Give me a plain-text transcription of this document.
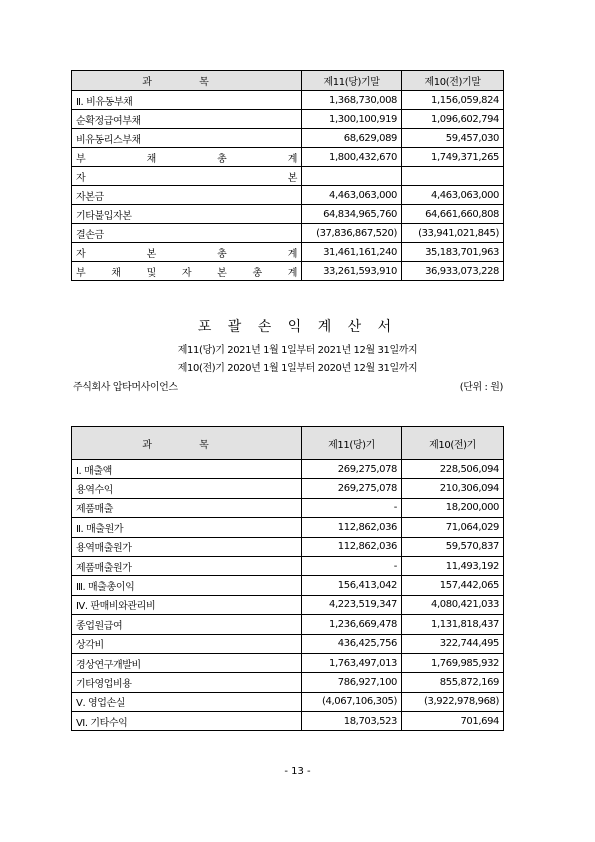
과 목	제11(당)기말	제10(전)기말
Ⅱ. 비유동부채	1,368,730,008	1,156,059,824
순확정급여부채	1,300,100,919	1,096,602,794
비유동리스부채	68,629,089	59,457,030
부 채 총 계	1,800,432,670	1,749,371,265
자 본		
자본금	4,463,063,000	4,463,063,000
기타불입자본	64,834,965,760	64,661,660,808
결손금	(37,836,867,520)	(33,941,021,845)
자 본 총 계	31,461,161,240	35,183,701,963
부 채 및 자 본 총 계	33,261,593,910	36,933,073,228
포 괄 손 익 계 산 서
제11(당)기 2021년 1월 1일부터 2021년 12월 31일까지
제10(전)기 2020년 1월 1일부터 2020년 12월 31일까지
주식회사 압타머사이언스	(단위 : 원)
과 목	제11(당)기	제10(전)기
Ⅰ. 매출액	269,275,078	228,506,094
용역수익	269,275,078	210,306,094
제품매출	-	18,200,000
Ⅱ. 매출원가	112,862,036	71,064,029
용역매출원가	112,862,036	59,570,837
제품매출원가	-	11,493,192
Ⅲ. 매출총이익	156,413,042	157,442,065
Ⅳ. 판매비와관리비	4,223,519,347	4,080,421,033
종업원급여	1,236,669,478	1,131,818,437
상각비	436,425,756	322,744,495
경상연구개발비	1,763,497,013	1,769,985,932
기타영업비용	786,927,100	855,872,169
Ⅴ. 영업손실	(4,067,106,305)	(3,922,978,968)
Ⅵ. 기타수익	18,703,523	701,694
- 13 -
